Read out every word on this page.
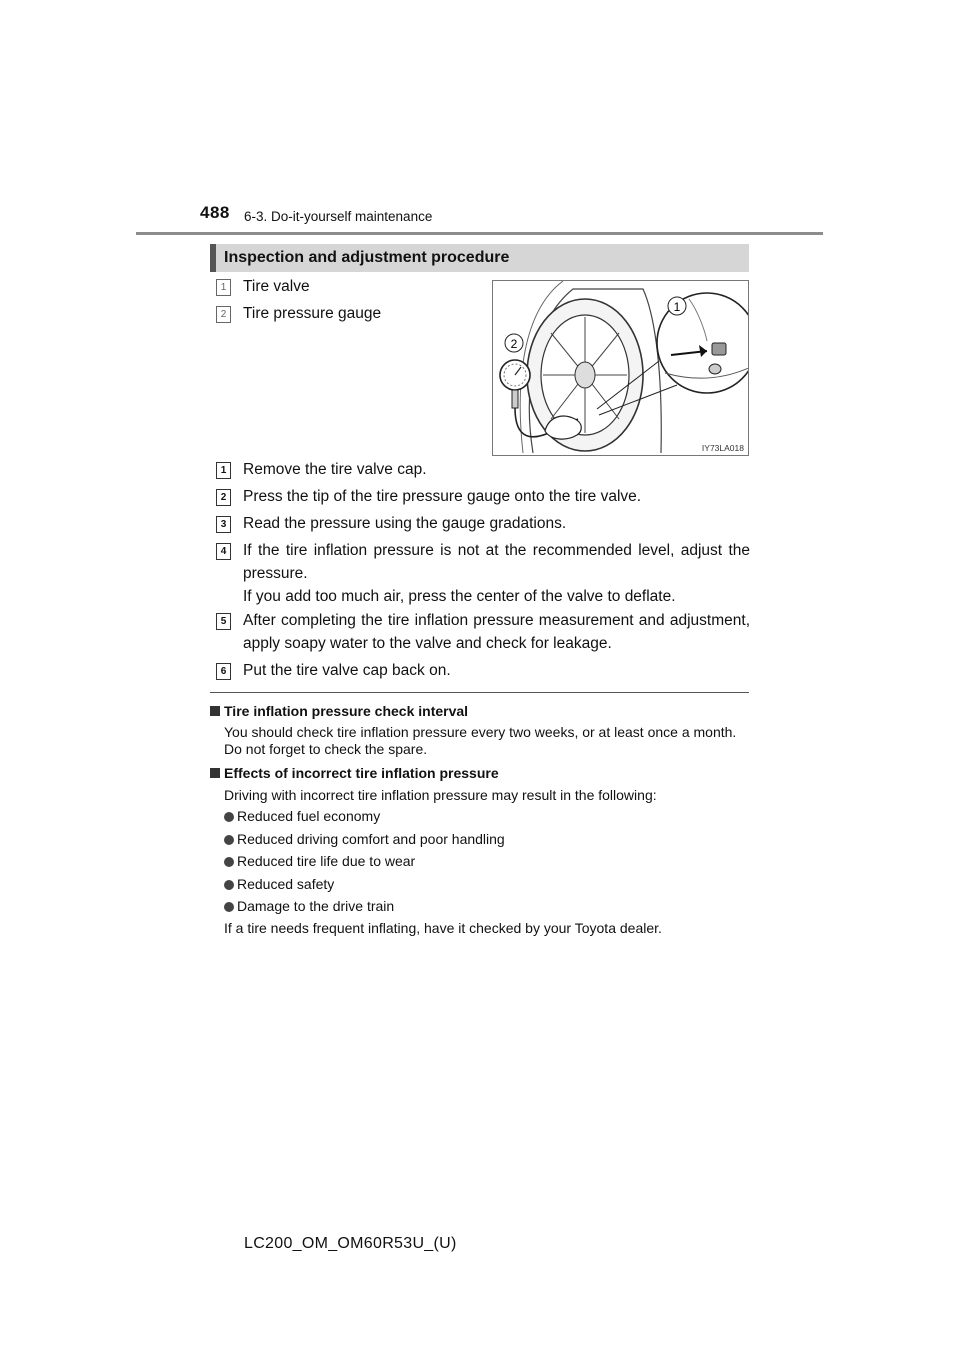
488 6-3. Do-it-yourself maintenance
Inspection and adjustment procedure
1	Tire valve
2	Tire pressure gauge	1
2
IY73LA018
1	Remove the tire valve cap.
2	Press the tip of the tire pressure gauge onto the tire valve.
3	Read the pressure using the gauge gradations.
4	If the tire inflation pressure is not at the recommended level, adjust the pressure.
If you add too much air, press the center of the valve to deflate.
5	After completing the tire inflation pressure measurement and adjustment, apply soapy water to the valve and check for leakage.
6	Put the tire valve cap back on.
Tire inflation pressure check interval
You should check tire inflation pressure every two weeks, or at least once a month. Do not forget to check the spare.
Effects of incorrect tire inflation pressure
Driving with incorrect tire inflation pressure may result in the following:
Reduced fuel economy
Reduced driving comfort and poor handling
Reduced tire life due to wear
Reduced safety
Damage to the drive train
If a tire needs frequent inflating, have it checked by your Toyota dealer.
LC200_OM_OM60R53U_(U)
